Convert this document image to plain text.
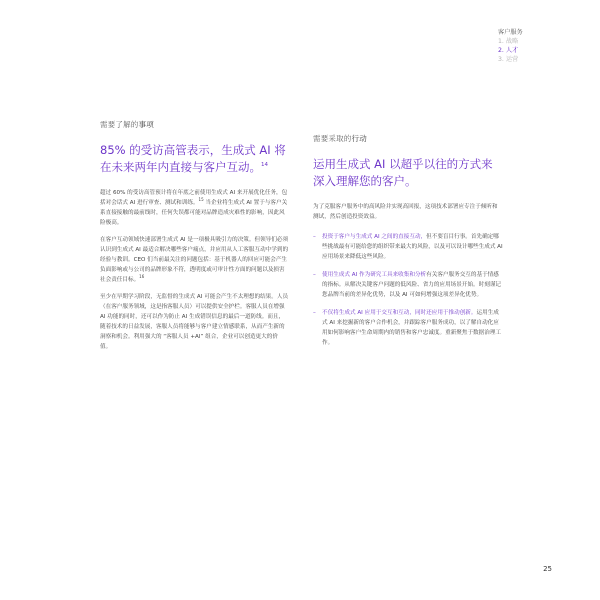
客户服务
1. 战略
2. 人才
3. 运营
需要了解的事项
85% 的受访高管表示，生成式 AI 将在未来两年内直接与客户互动。$^{14}$

超过 60% 的受访高管预计将在年底之前使用生成式 AI 来开展优化任务，包括对会话式 AI 进行审查、测试和训练。$^{15}$ 当企业将生成式 AI 置于与客户关系直接接触的最前线时，任何失误都可能对品牌造成灾难性的影响，因此风险极高。

在客户互动领域快速部署生成式 AI 是一项极具吸引力的决策。但领导们必须认识到生成式 AI 最适合解决哪些客户痛点，并应用从人工客服互动中学到的经验与教训。CEO 们当前最关注的问题包括：基于机器人的回应可能会产生负面影响或与公司的品牌形象不符，透明度或可审计性方面的问题以及损害社会责任目标。$^{16}$

至少在早期学习阶段，无监督的生成式 AI 可能会产生不太理想的结果。人员（在客户服务领域，这是指客服人员）可以提供安全护栏。客服人员在增强 AI 功能的同时，还可以作为防止 AI 生成错误信息的最后一道防线。而且，随着技术的日益发展，客服人员将能够与客户建立情感联系，从而产生新的洞察和机会。利用强大的 “客服人员 +AI” 组合，企业可以创造更大的价值。

需要采取的行动
运用生成式 AI 以超乎以往的方式来深入理解您的客户。

为了克服客户服务中的高风险并实现高回报，这项技术部署应专注于倾听和测试，然后创造投资效益。

– 投资于客户与生成式 AI 之间的直接互动，但不要盲目行事。首先确定哪些挑战最有可能给您的组织带来最大的风险，以及可以设计哪些生成式 AI 应用场景来降低这些风险。
– 使用生成式 AI 作为研究工具来收集和分析有关客户服务交互的基于情感的指标。从解决关键客户问题的低风险、省力的应用场景开始。时刻谨记您品牌当前的差异化优势，以及 AI 可如何增强这项差异化优势。
– 不仅将生成式 AI 应用于交互和互动，同时还应用于推动创新。运用生成式 AI 来挖掘新的客户合作机会，并跟踪客户服务成功，以了解自动化应用如何影响客户生命周期内的销售和客户忠诚度。重新聚焦于数据治理工作。
25
